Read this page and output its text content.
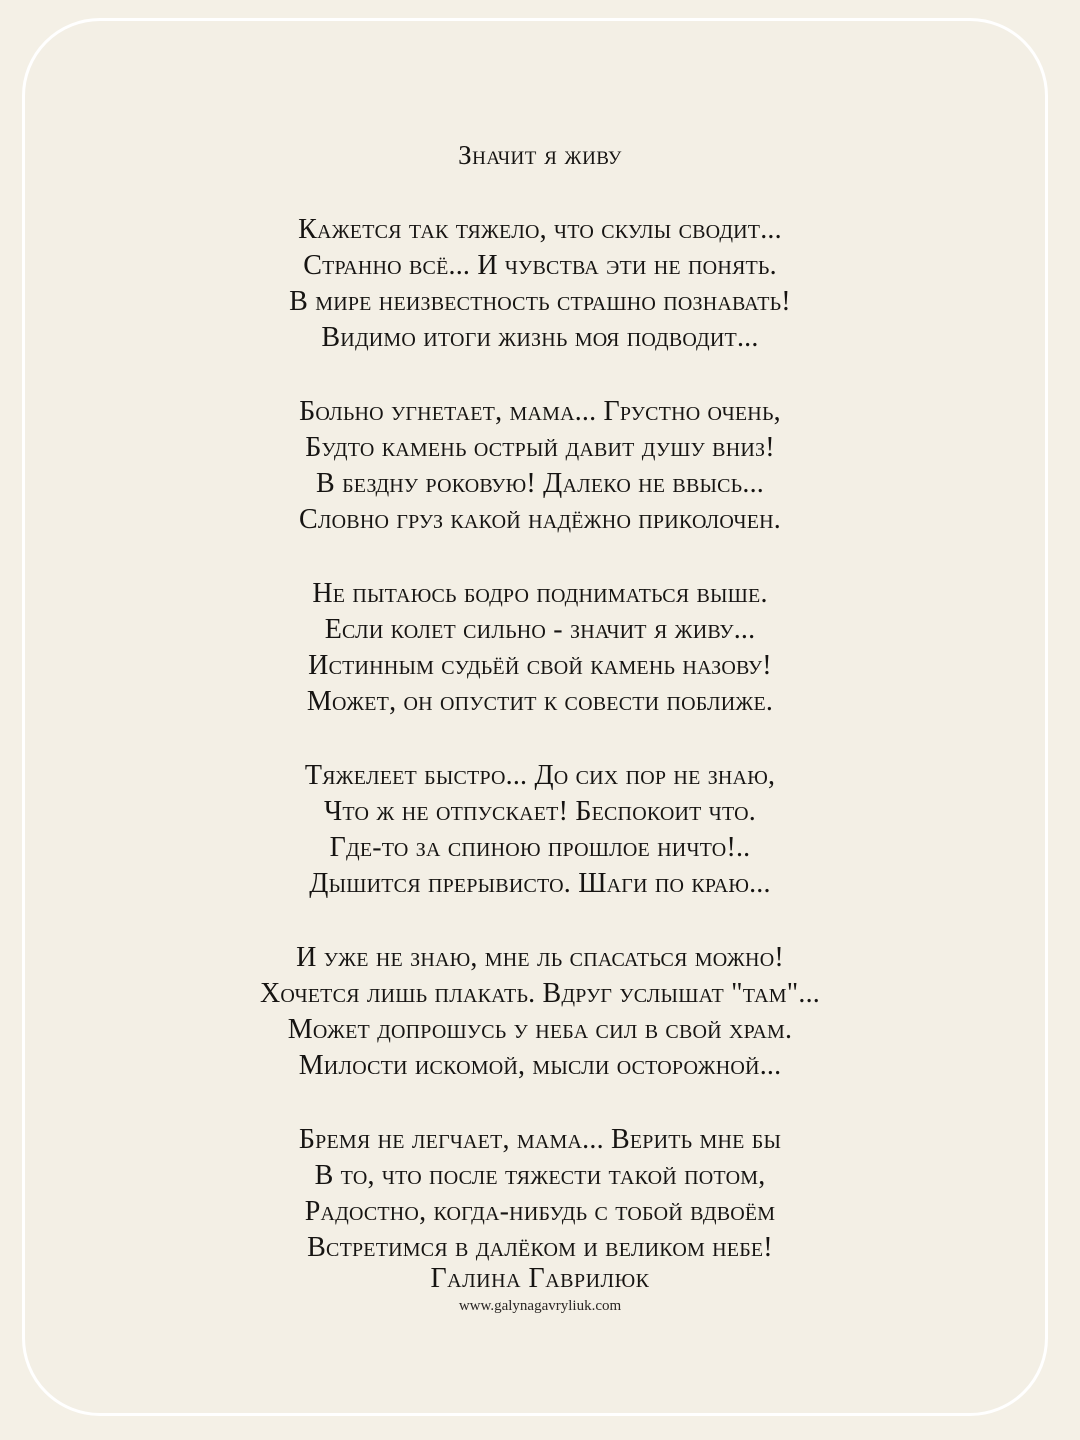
Значит я живу
Кажется так тяжело, что скулы сводит...
Странно всё... И чувства эти не понять.
В мире неизвестность страшно познавать!
Видимо итоги жизнь моя подводит...
Больно угнетает, мама... Грустно очень,
Будто камень острый давит душу вниз!
В бездну роковую! Далеко не ввысь...
Словно груз какой надёжно приколочен.
Не пытаюсь бодро подниматься выше.
Если колет сильно - значит я живу...
Истинным судьёй свой камень назову!
Может, он опустит к совести поближе.
Тяжелеет быстро... До сих пор не знаю,
Что ж не отпускает! Беспокоит что.
Где-то за спиною прошлое ничто!..
Дышится прерывисто. Шаги по краю...
И уже не знаю, мне ль спасаться можно!
Хочется лишь плакать. Вдруг услышат "там"...
Может допрошусь у неба сил в свой храм.
Милости искомой, мысли осторожной...
Бремя не легчает, мама... Верить мне бы
В то, что после тяжести такой потом,
Радостно, когда-нибудь с тобой вдвоём
Встретимся в далёком и великом небе!
Галина Гаврилюк
www.galynagavryliuk.com
